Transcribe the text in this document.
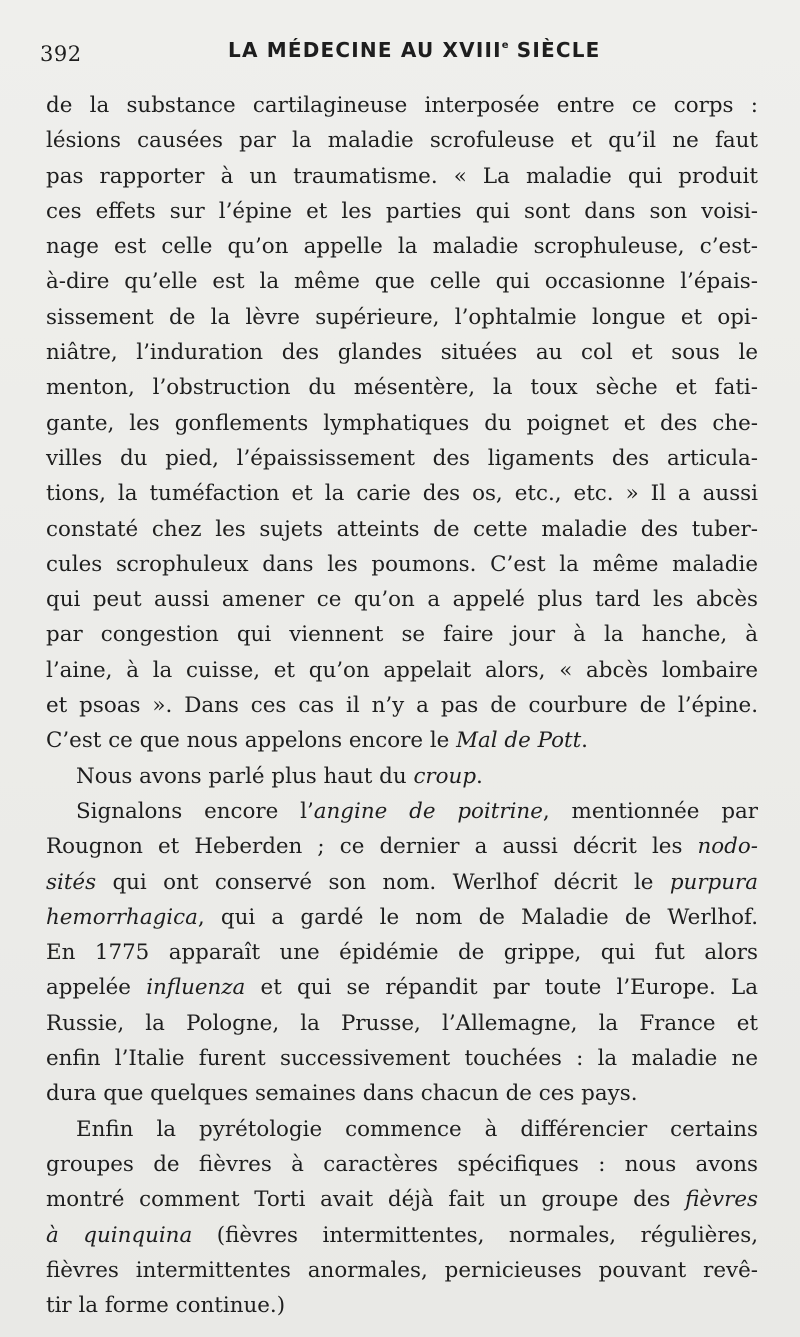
392	LA MÉDECINE AU XVIIIe SIÈCLE
de la substance cartilagineuse interposée entre ce corps :
lésions causées par la maladie scrofuleuse et qu’il ne faut
pas rapporter à un traumatisme. « La maladie qui produit
ces effets sur l’épine et les parties qui sont dans son voisi-
nage est celle qu’on appelle la maladie scrophuleuse, c’est-
à-dire qu’elle est la même que celle qui occasionne l’épais-
sissement de la lèvre supérieure, l’ophtalmie longue et opi-
niâtre, l’induration des glandes situées au col et sous le
menton, l’obstruction du mésentère, la toux sèche et fati-
gante, les gonflements lymphatiques du poignet et des che-
villes du pied, l’épaississement des ligaments des articula-
tions, la tuméfaction et la carie des os, etc., etc. » Il a aussi
constaté chez les sujets atteints de cette maladie des tuber-
cules scrophuleux dans les poumons. C’est la même maladie
qui peut aussi amener ce qu’on a appelé plus tard les abcès
par congestion qui viennent se faire jour à la hanche, à
l’aine, à la cuisse, et qu’on appelait alors, « abcès lombaire
et psoas ». Dans ces cas il n’y a pas de courbure de l’épine.
C’est ce que nous appelons encore le Mal de Pott.
Nous avons parlé plus haut du croup.
Signalons encore l’angine de poitrine, mentionnée par
Rougnon et Heberden ; ce dernier a aussi décrit les nodo-
sités qui ont conservé son nom. Werlhof décrit le purpura
hemorrhagica, qui a gardé le nom de Maladie de Werlhof.
En 1775 apparaît une épidémie de grippe, qui fut alors
appelée influenza et qui se répandit par toute l’Europe. La
Russie, la Pologne, la Prusse, l’Allemagne, la France et
enfin l’Italie furent successivement touchées : la maladie ne
dura que quelques semaines dans chacun de ces pays.
Enfin la pyrétologie commence à différencier certains
groupes de fièvres à caractères spécifiques : nous avons
montré comment Torti avait déjà fait un groupe des fièvres
à quinquina (fièvres intermittentes, normales, régulières,
fièvres intermittentes anormales, pernicieuses pouvant revê-
tir la forme continue.)
